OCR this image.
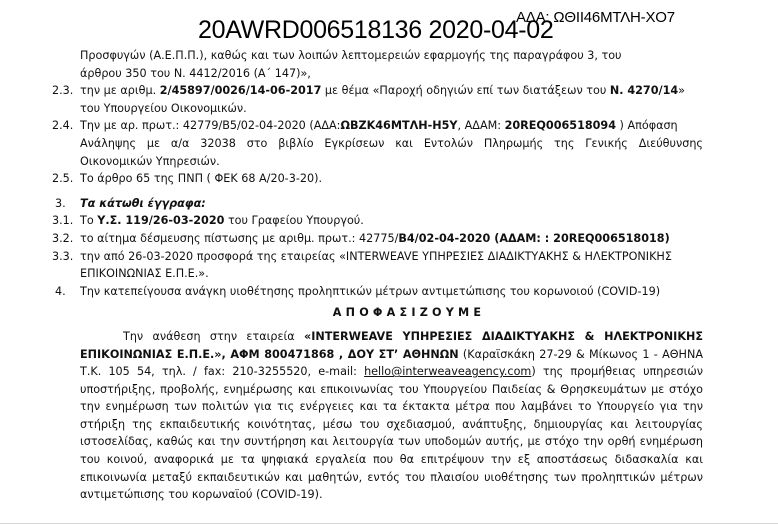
20AWRD006518136 2020-04-02
ΑΔΑ: ΩΘΙΙ46ΜΤΛΗ-ΧΟ7
Προσφυγών (Α.Ε.Π.Π.), καθώς και των λοιπών λεπτομερειών εφαρμογής της παραγράφου 3, του
άρθρου 350 του Ν. 4412/2016 (Α΄ 147)»,
2.3. την με αριθμ. 2/45897/0026/14-06-2017 με θέμα «Παροχή οδηγιών επί των διατάξεων του Ν. 4270/14»
του Υπουργείου Οικονομικών.
2.4. Την με αρ. πρωτ.: 42779/Β5/02-04-2020 (ΑΔΑ:ΩΒΖΚ46ΜΤΛΗ-Η5Υ, ΑΔΑΜ: 20REQ006518094 ) Απόφαση
Ανάληψης με α/α 32038 στο βιβλίο Εγκρίσεων και Εντολών Πληρωμής της Γενικής Διεύθυνσης
Οικονομικών Υπηρεσιών.
2.5. Το άρθρο 65 της ΠΝΠ ( ΦΕΚ 68 Α/20-3-20).
3. Τα κάτωθι έγγραφα:
3.1. Το Υ.Σ. 119/26-03-2020 του Γραφείου Υπουργού.
3.2. το αίτημα δέσμευσης πίστωσης με αριθμ. πρωτ.: 42775/Β4/02-04-2020 (ΑΔΑΜ: : 20REQ006518018)
3.3. την από 26-03-2020 προσφορά της εταιρείας «INTERWEAVE ΥΠΗΡΕΣΙΕΣ ΔΙΑΔΙΚΤΥΑΚΗΣ & ΗΛΕΚΤΡΟΝΙΚΗΣ
ΕΠΙΚΟΙΝΩΝΙΑΣ Ε.Π.Ε.».
4. Την κατεπείγουσα ανάγκη υιοθέτησης προληπτικών μέτρων αντιμετώπισης του κορωνοιού (COVID-19)
ΑΠΟΦΑΣΙΖΟΥΜΕ
Την ανάθεση στην εταιρεία «INTERWEAVE ΥΠΗΡΕΣΙΕΣ ΔΙΑΔΙΚΤΥΑΚΗΣ & ΗΛΕΚΤΡΟΝΙΚΗΣ ΕΠΙΚΟΙΝΩΝΙΑΣ Ε.Π.Ε.», ΑΦΜ 800471868 , ΔΟΥ ΣΤ’ ΑΘΗΝΩΝ (Καραϊσκάκη 27-29 & Μίκωνος 1 - ΑΘΗΝΑ Τ.Κ. 105 54, τηλ. / fax: 210-3255520, e-mail: hello@interweaveagency.com) της προμήθειας υπηρεσιών υποστήριξης, προβολής, ενημέρωσης και επικοινωνίας του Υπουργείου Παιδείας & Θρησκευμάτων με στόχο την ενημέρωση των πολιτών για τις ενέργειες και τα έκτακτα μέτρα που λαμβάνει το Υπουργείο για την στήριξη της εκπαιδευτικής κοινότητας, μέσω του σχεδιασμού, ανάπτυξης, δημιουργίας και λειτουργίας ιστοσελίδας, καθώς και την συντήρηση και λειτουργία των υποδομών αυτής, με στόχο την ορθή ενημέρωση του κοινού, αναφορικά με τα ψηφιακά εργαλεία που θα επιτρέψουν την εξ αποστάσεως διδασκαλία και επικοινωνία μεταξύ εκπαιδευτικών και μαθητών, εντός του πλαισίου υιοθέτησης των προληπτικών μέτρων αντιμετώπισης του κορωναϊού (COVID-19).
